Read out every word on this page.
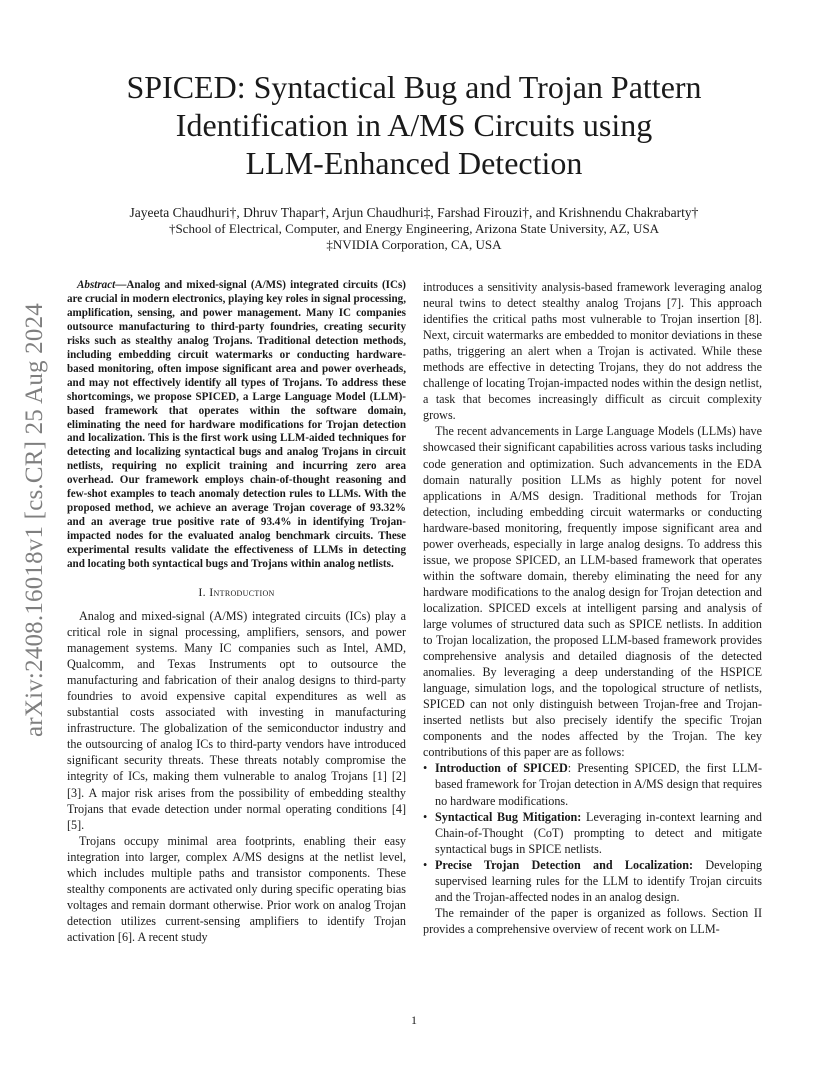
arXiv:2408.16018v1 [cs.CR] 25 Aug 2024
SPICED: Syntactical Bug and Trojan Pattern
Identification in A/MS Circuits using
LLM-Enhanced Detection
Jayeeta Chaudhuri†, Dhruv Thapar†, Arjun Chaudhuri‡, Farshad Firouzi†, and Krishnendu Chakrabarty†
†School of Electrical, Computer, and Energy Engineering, Arizona State University, AZ, USA
‡NVIDIA Corporation, CA, USA

Abstract—Analog and mixed-signal (A/MS) integrated circuits (ICs) are crucial in modern electronics, playing key roles in signal processing, amplification, sensing, and power management. Many IC companies outsource manufacturing to third-party foundries, creating security risks such as stealthy analog Trojans. Traditional detection methods, including embedding circuit watermarks or conducting hardware-based monitoring, often impose significant area and power overheads, and may not effectively identify all types of Trojans. To address these shortcomings, we propose SPICED, a Large Language Model (LLM)-based framework that operates within the software domain, eliminating the need for hardware modifications for Trojan detection and localization. This is the first work using LLM-aided techniques for detecting and localizing syntactical bugs and analog Trojans in circuit netlists, requiring no explicit training and incurring zero area overhead. Our framework employs chain-of-thought reasoning and few-shot examples to teach anomaly detection rules to LLMs. With the proposed method, we achieve an average Trojan coverage of 93.32% and an average true positive rate of 93.4% in identifying Trojan-impacted nodes for the evaluated analog benchmark circuits. These experimental results validate the effectiveness of LLMs in detecting and locating both syntactical bugs and Trojans within analog netlists.

I. Introduction

Analog and mixed-signal (A/MS) integrated circuits (ICs) play a critical role in signal processing, amplifiers, sensors, and power management systems. Many IC companies such as Intel, AMD, Qualcomm, and Texas Instruments opt to outsource the manufacturing and fabrication of their analog designs to third-party foundries to avoid expensive capital expenditures as well as substantial costs associated with investing in manufacturing infrastructure. The globalization of the semiconductor industry and the outsourcing of analog ICs to third-party vendors have introduced significant security threats. These threats notably compromise the integrity of ICs, making them vulnerable to analog Trojans [1] [2] [3]. A major risk arises from the possibility of embedding stealthy Trojans that evade detection under normal operating conditions [4] [5].

Trojans occupy minimal area footprints, enabling their easy integration into larger, complex A/MS designs at the netlist level, which includes multiple paths and transistor components. These stealthy components are activated only during specific operating bias voltages and remain dormant otherwise. Prior work on analog Trojan detection utilizes current-sensing amplifiers to identify Trojan activation [6]. A recent study

introduces a sensitivity analysis-based framework leveraging analog neural twins to detect stealthy analog Trojans [7]. This approach identifies the critical paths most vulnerable to Trojan insertion [8]. Next, circuit watermarks are embedded to monitor deviations in these paths, triggering an alert when a Trojan is activated. While these methods are effective in detecting Trojans, they do not address the challenge of locating Trojan-impacted nodes within the design netlist, a task that becomes increasingly difficult as circuit complexity grows.

The recent advancements in Large Language Models (LLMs) have showcased their significant capabilities across various tasks including code generation and optimization. Such advancements in the EDA domain naturally position LLMs as highly potent for novel applications in A/MS design. Traditional methods for Trojan detection, including embedding circuit watermarks or conducting hardware-based monitoring, frequently impose significant area and power overheads, especially in large analog designs. To address this issue, we propose SPICED, an LLM-based framework that operates within the software domain, thereby eliminating the need for any hardware modifications to the analog design for Trojan detection and localization. SPICED excels at intelligent parsing and analysis of large volumes of structured data such as SPICE netlists. In addition to Trojan localization, the proposed LLM-based framework provides comprehensive analysis and detailed diagnosis of the detected anomalies. By leveraging a deep understanding of the HSPICE language, simulation logs, and the topological structure of netlists, SPICED can not only distinguish between Trojan-free and Trojan-inserted netlists but also precisely identify the specific Trojan components and the nodes affected by the Trojan. The key contributions of this paper are as follows:

• Introduction of SPICED: Presenting SPICED, the first LLM-based framework for Trojan detection in A/MS design that requires no hardware modifications.
• Syntactical Bug Mitigation: Leveraging in-context learning and Chain-of-Thought (CoT) prompting to detect and mitigate syntactical bugs in SPICE netlists.
• Precise Trojan Detection and Localization: Developing supervised learning rules for the LLM to identify Trojan circuits and the Trojan-affected nodes in an analog design.

The remainder of the paper is organized as follows. Section II provides a comprehensive overview of recent work on LLM-

1
